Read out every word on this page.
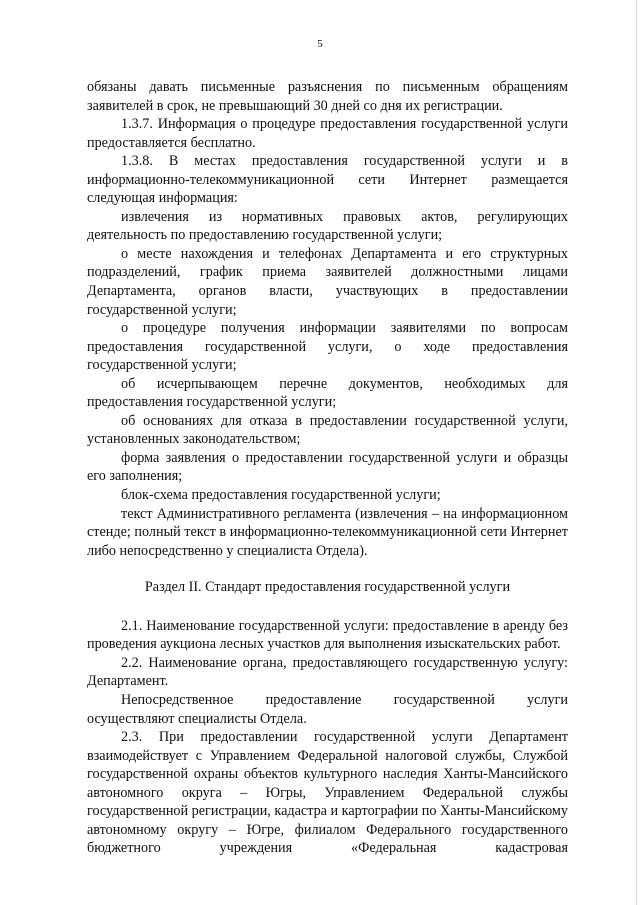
5

обязаны давать письменные разъяснения по письменным обращениям заявителей в срок, не превышающий 30 дней со дня их регистрации.

1.3.7. Информация о процедуре предоставления государственной услуги предоставляется бесплатно.

1.3.8. В местах предоставления государственной услуги и в информационно-телекоммуникационной сети Интернет размещается следующая информация:

извлечения из нормативных правовых актов, регулирующих деятельность по предоставлению государственной услуги;

о месте нахождения и телефонах Департамента и его структурных подразделений, график приема заявителей должностными лицами Департамента, органов власти, участвующих в предоставлении государственной услуги;

о процедуре получения информации заявителями по вопросам предоставления государственной услуги, о ходе предоставления государственной услуги;

об исчерпывающем перечне документов, необходимых для предоставления государственной услуги;

об основаниях для отказа в предоставлении государственной услуги, установленных законодательством;

форма заявления о предоставлении государственной услуги и образцы его заполнения;

блок-схема предоставления государственной услуги;

текст Административного регламента (извлечения – на информационном стенде; полный текст в информационно-телекоммуникационной сети Интернет либо непосредственно у специалиста Отдела).

Раздел II. Стандарт предоставления государственной услуги

2.1. Наименование государственной услуги: предоставление в аренду без проведения аукциона лесных участков для выполнения изыскательских работ.

2.2. Наименование органа, предоставляющего государственную услугу: Департамент.

Непосредственное предоставление государственной услуги осуществляют специалисты Отдела.

2.3. При предоставлении государственной услуги Департамент взаимодействует с Управлением Федеральной налоговой службы, Службой государственной охраны объектов культурного наследия Ханты-Мансийского автономного округа – Югры, Управлением Федеральной службы государственной регистрации, кадастра и картографии по Ханты-Мансийскому автономному округу – Югре, филиалом Федерального государственного бюджетного учреждения «Федеральная кадастровая
